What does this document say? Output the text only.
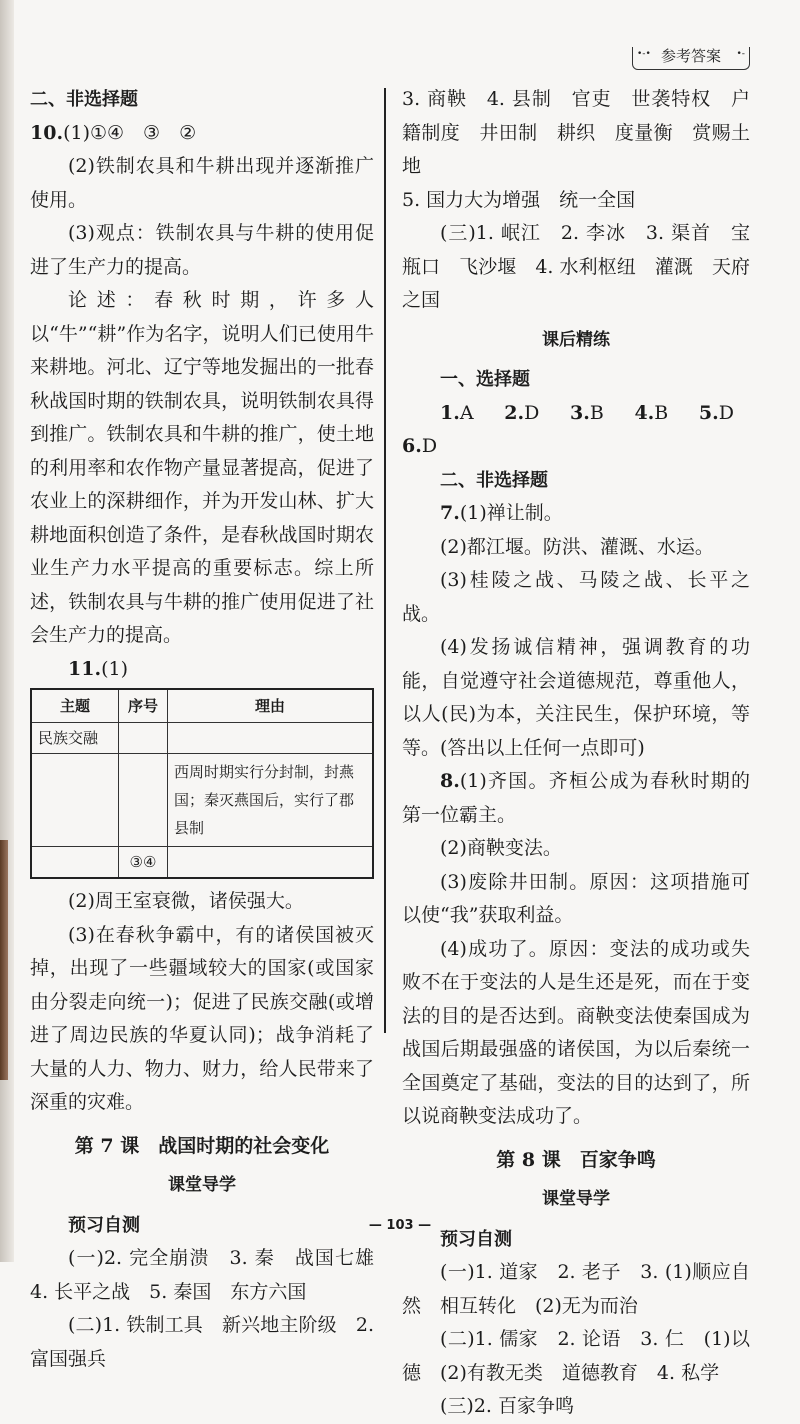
•-• 参考答案	•-

二、非选择题

10.(1)①④　③　②

(2)铁制农具和牛耕出现并逐渐推广使用。

(3)观点：铁制农具与牛耕的使用促进了生产力的提高。

论述：春秋时期，许多人以“牛”“耕”作为名字，说明人们已使用牛来耕地。河北、辽宁等地发掘出的一批春秋战国时期的铁制农具，说明铁制农具得到推广。铁制农具和牛耕的推广，使土地的利用率和农作物产量显著提高，促进了农业上的深耕细作，并为开发山林、扩大耕地面积创造了条件，是春秋战国时期农业生产力水平提高的重要标志。综上所述，铁制农具与牛耕的推广使用促进了社会生产力的提高。

11.(1)

主题	序号	理由
民族交融		
		西周时期实行分封制，封燕国；秦灭燕国后，实行了郡县制
	③④	

(2)周王室衰微，诸侯强大。

(3)在春秋争霸中，有的诸侯国被灭掉，出现了一些疆域较大的国家(或国家由分裂走向统一)；促进了民族交融(或增进了周边民族的华夏认同)；战争消耗了大量的人力、物力、财力，给人民带来了深重的灾难。

第 7 课　战国时期的社会变化

课堂导学

预习自测

(一)2. 完全崩溃　3. 秦　战国七雄　4. 长平之战　5. 秦国　东方六国

(二)1. 铁制工具　新兴地主阶级　2. 富国强兵

3. 商鞅　4. 县制　官吏　世袭特权　户籍制度　井田制　耕织　度量衡　赏赐土地

5. 国力大为增强　统一全国

(三)1. 岷江　2. 李冰　3. 渠首　宝瓶口　飞沙堰　4. 水利枢纽　灌溉　天府之国

课后精练

一、选择题

1.A 2.D 3.B 4.B 5.D 6.D

二、非选择题

7.(1)禅让制。

(2)都江堰。防洪、灌溉、水运。

(3)桂陵之战、马陵之战、长平之战。

(4)发扬诚信精神，强调教育的功能，自觉遵守社会道德规范，尊重他人，以人(民)为本，关注民生，保护环境，等等。(答出以上任何一点即可)

8.(1)齐国。齐桓公成为春秋时期的第一位霸主。

(2)商鞅变法。

(3)废除井田制。原因：这项措施可以使“我”获取利益。

(4)成功了。原因：变法的成功或失败不在于变法的人是生还是死，而在于变法的目的是否达到。商鞅变法使秦国成为战国后期最强盛的诸侯国，为以后秦统一全国奠定了基础，变法的目的达到了，所以说商鞅变法成功了。

第 8 课　百家争鸣

课堂导学

预习自测

(一)1. 道家　2. 老子　3. (1)顺应自然　相互转化　(2)无为而治

(二)1. 儒家　2. 论语　3. 仁　(1)以德　(2)有教无类　道德教育　4. 私学

(三)2. 百家争鸣

— 103 —
